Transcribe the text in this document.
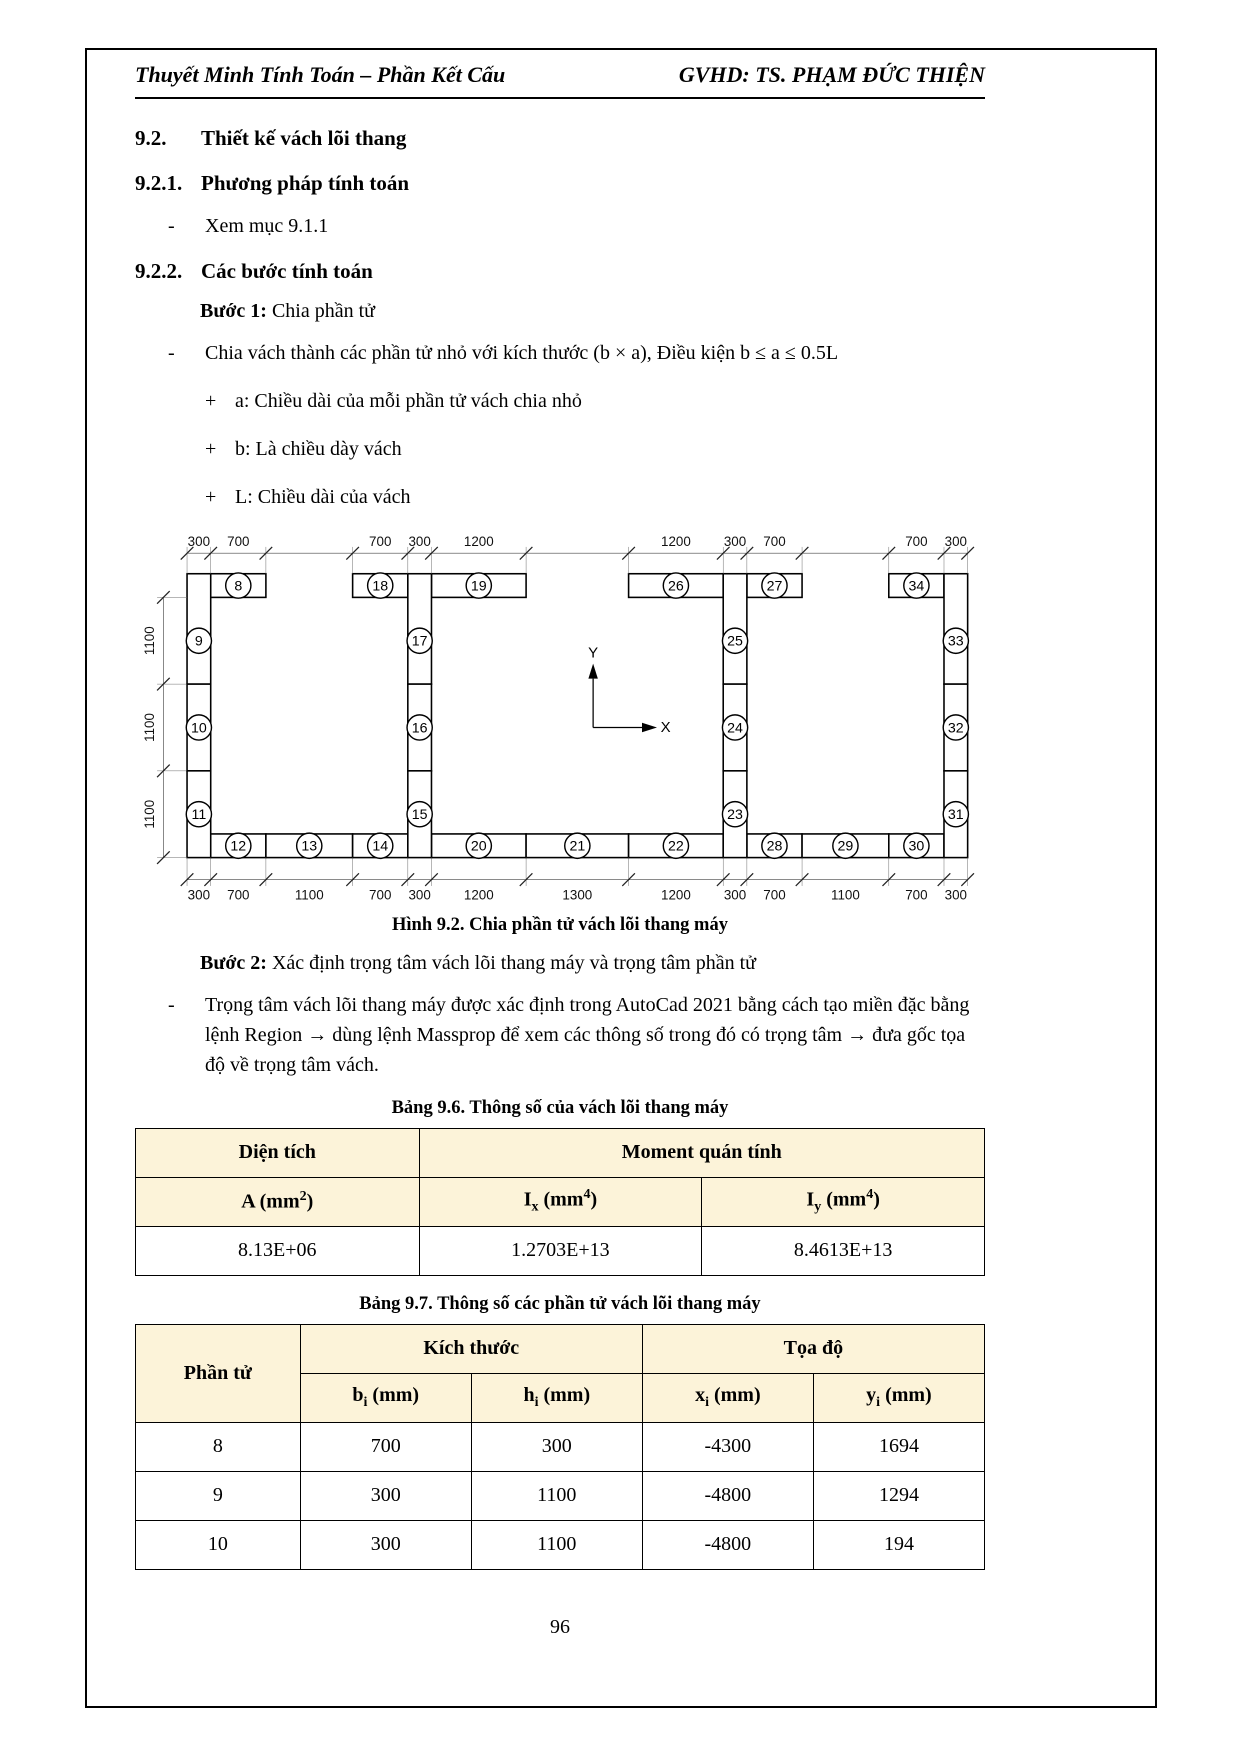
Thuyết Minh Tính Toán – Phần Kết Cấu	GVHD: TS. PHẠM ĐỨC THIỆN
9.2. Thiết kế vách lõi thang
9.2.1. Phương pháp tính toán
-	Xem mục 9.1.1
9.2.2. Các bước tính toán
Bước 1: Chia phần tử
-	Chia vách thành các phần tử nhỏ với kích thước (b × a), Điều kiện b ≤ a ≤ 0.5L
+ a: Chiều dài của mỗi phần tử vách chia nhỏ
+ b: Là chiều dày vách
+ L: Chiều dài của vách
300 700 700 300 1200 1200 300 700 700 300
300 700 1100 700 300 1200 1300 1200 300 700 1100 700 300
1100
1100
1100
Y
X
8 18 19 26 27 34
9
10
11
17
16
15
25
24
23
33
32
31
12 13 14 20 21 22 28 29 30
Hình 9.2. Chia phần tử vách lõi thang máy
Bước 2: Xác định trọng tâm vách lõi thang máy và trọng tâm phần tử
-	Trọng tâm vách lõi thang máy được xác định trong AutoCad 2021 bằng cách tạo miền đặc bằng lệnh Region → dùng lệnh Massprop để xem các thông số trong đó có trọng tâm → đưa gốc tọa độ về trọng tâm vách.
Bảng 9.6. Thông số của vách lõi thang máy
Diện tích	Moment quán tính	
A $(mm^2)$	$I_x$ $(mm^4)$	$I_y$ $(mm^4)$
8.13E+06	1.2703E+13	8.4613E+13
Bảng 9.7. Thông số các phần tử vách lõi thang máy
Phần tử	Kích thước		Tọa độ	
	$b_i$ (mm)	$h_i$ (mm)	$x_i$ (mm)	$y_i$ (mm)
8	700	300	-4300	1694
9	300	1100	-4800	1294
10	300	1100	-4800	194
96
